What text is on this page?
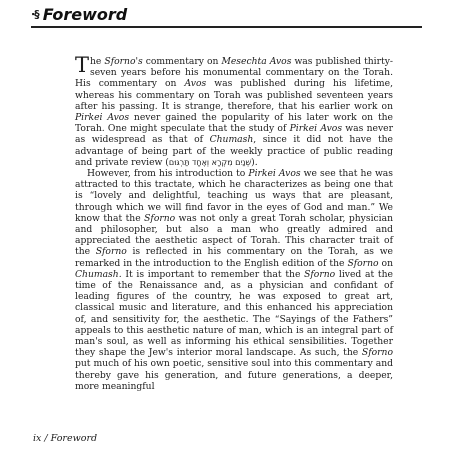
∙§ Foreword

The Sforno's commentary on Mesechta Avos was published thirty-seven years before his monumental commentary on the Torah. His commentary on Avos was published during his lifetime, whereas his commentary on Torah was published seventeen years after his passing. It is strange, therefore, that his earlier work on Pirkei Avos never gained the popularity of his later work on the Torah. One might speculate that the study of Pirkei Avos was never as widespread as that of Chumash, since it did not have the advantage of being part of the weekly practice of public reading and private review (שְׁנַיִם מִקְרָא וְאֶחָד תַּרְגּוּם).

However, from his introduction to Pirkei Avos we see that he was attracted to this tractate, which he characterizes as being one that is “lovely and delightful, teaching us ways that are pleasant, through which we will find favor in the eyes of God and man.” We know that the Sforno was not only a great Torah scholar, physician and philosopher, but also a man who greatly admired and appreciated the aesthetic aspect of Torah. This character trait of the Sforno is reflected in his commentary on the Torah, as we remarked in the introduction to the English edition of the Sforno on Chumash. It is important to remember that the Sforno lived at the time of the Renaissance and, as a physician and confidant of leading figures of the country, he was exposed to great art, classical music and literature, and this enhanced his appreciation of, and sensitivity for, the aesthetic. The “Sayings of the Fathers” appeals to this aesthetic nature of man, which is an integral part of man's soul, as well as informing his ethical sensibilities. Together they shape the Jew's interior moral landscape. As such, the Sforno put much of his own poetic, sensitive soul into this commentary and thereby gave his generation, and future generations, a deeper, more meaningful

ix / Foreword
